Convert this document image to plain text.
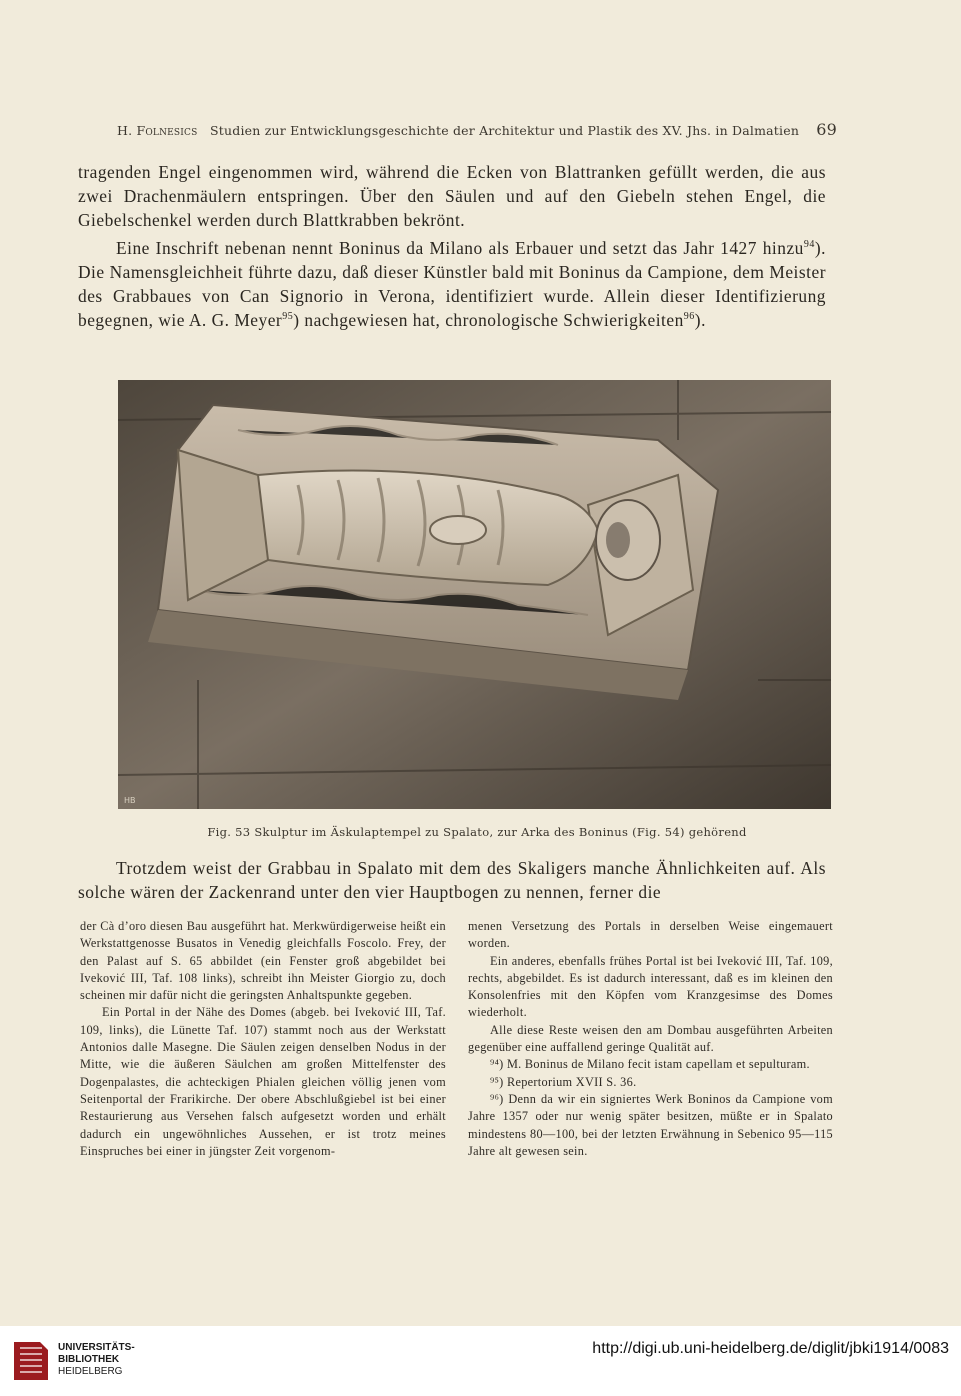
H. Folnesics Studien zur Entwicklungsgeschichte der Architektur und Plastik des XV. Jhs. in Dalmatien 69
tragenden Engel eingenommen wird, während die Ecken von Blattranken gefüllt werden, die aus zwei Drachenmäulern entspringen. Über den Säulen und auf den Giebeln stehen Engel, die Giebelschenkel werden durch Blattkrabben bekrönt.
Eine Inschrift nebenan nennt Boninus da Milano als Erbauer und setzt das Jahr 1427 hinzu$^{94}$). Die Namensgleichheit führte dazu, daß dieser Künstler bald mit Boninus da Campione, dem Meister des Grabbaues von Can Signorio in Verona, identifiziert wurde. Allein dieser Identifizierung begegnen, wie A. G. Meyer$^{95}$) nachgewiesen hat, chronologische Schwierigkeiten$^{96}$).
HB
Fig. 53 Skulptur im Äskulaptempel zu Spalato, zur Arka des Boninus (Fig. 54) gehörend
Trotzdem weist der Grabbau in Spalato mit dem des Skaligers manche Ähnlichkeiten auf. Als solche wären der Zackenrand unter den vier Hauptbogen zu nennen, ferner die

der Cà d’oro diesen Bau ausgeführt hat. Merkwürdigerweise heißt ein Werkstattgenosse Busatos in Venedig gleichfalls Foscolo. Frey, der den Palast auf S. 65 abbildet (ein Fenster groß abgebildet bei Iveković III, Taf. 108 links), schreibt ihn Meister Giorgio zu, doch scheinen mir dafür nicht die geringsten Anhaltspunkte gegeben.

Ein Portal in der Nähe des Domes (abgeb. bei Iveković III, Taf. 109, links), die Lünette Taf. 107) stammt noch aus der Werkstatt Antonios dalle Masegne. Die Säulen zeigen denselben Nodus in der Mitte, wie die äußeren Säulchen am großen Mittelfenster des Dogenpalastes, die achteckigen Phialen gleichen völlig jenen vom Seitenportal der Frarikirche. Der obere Abschlußgiebel ist bei einer Restaurierung aus Versehen falsch aufgesetzt worden und erhält dadurch ein ungewöhnliches Aussehen, er ist trotz meines Einspruches bei einer in jüngster Zeit vorgenom-

menen Versetzung des Portals in derselben Weise eingemauert worden.

Ein anderes, ebenfalls frühes Portal ist bei Iveković III, Taf. 109, rechts, abgebildet. Es ist dadurch interessant, daß es im kleinen den Konsolenfries mit den Köpfen vom Kranzgesimse des Domes wiederholt.

Alle diese Reste weisen den am Dombau ausgeführten Arbeiten gegenüber eine auffallend geringe Qualität auf.

⁹⁴) M. Boninus de Milano fecit istam capellam et sepulturam.

⁹⁵) Repertorium XVII S. 36.

⁹⁶) Denn da wir ein signiertes Werk Boninos da Campione vom Jahre 1357 oder nur wenig später besitzen, müßte er in Spalato mindestens 80—100, bei der letzten Erwähnung in Sebenico 95—115 Jahre alt gewesen sein.

UNIVERSITÄTS-
BIBLIOTHEK
HEIDELBERG
http://digi.ub.uni-heidelberg.de/diglit/jbki1914/0083
